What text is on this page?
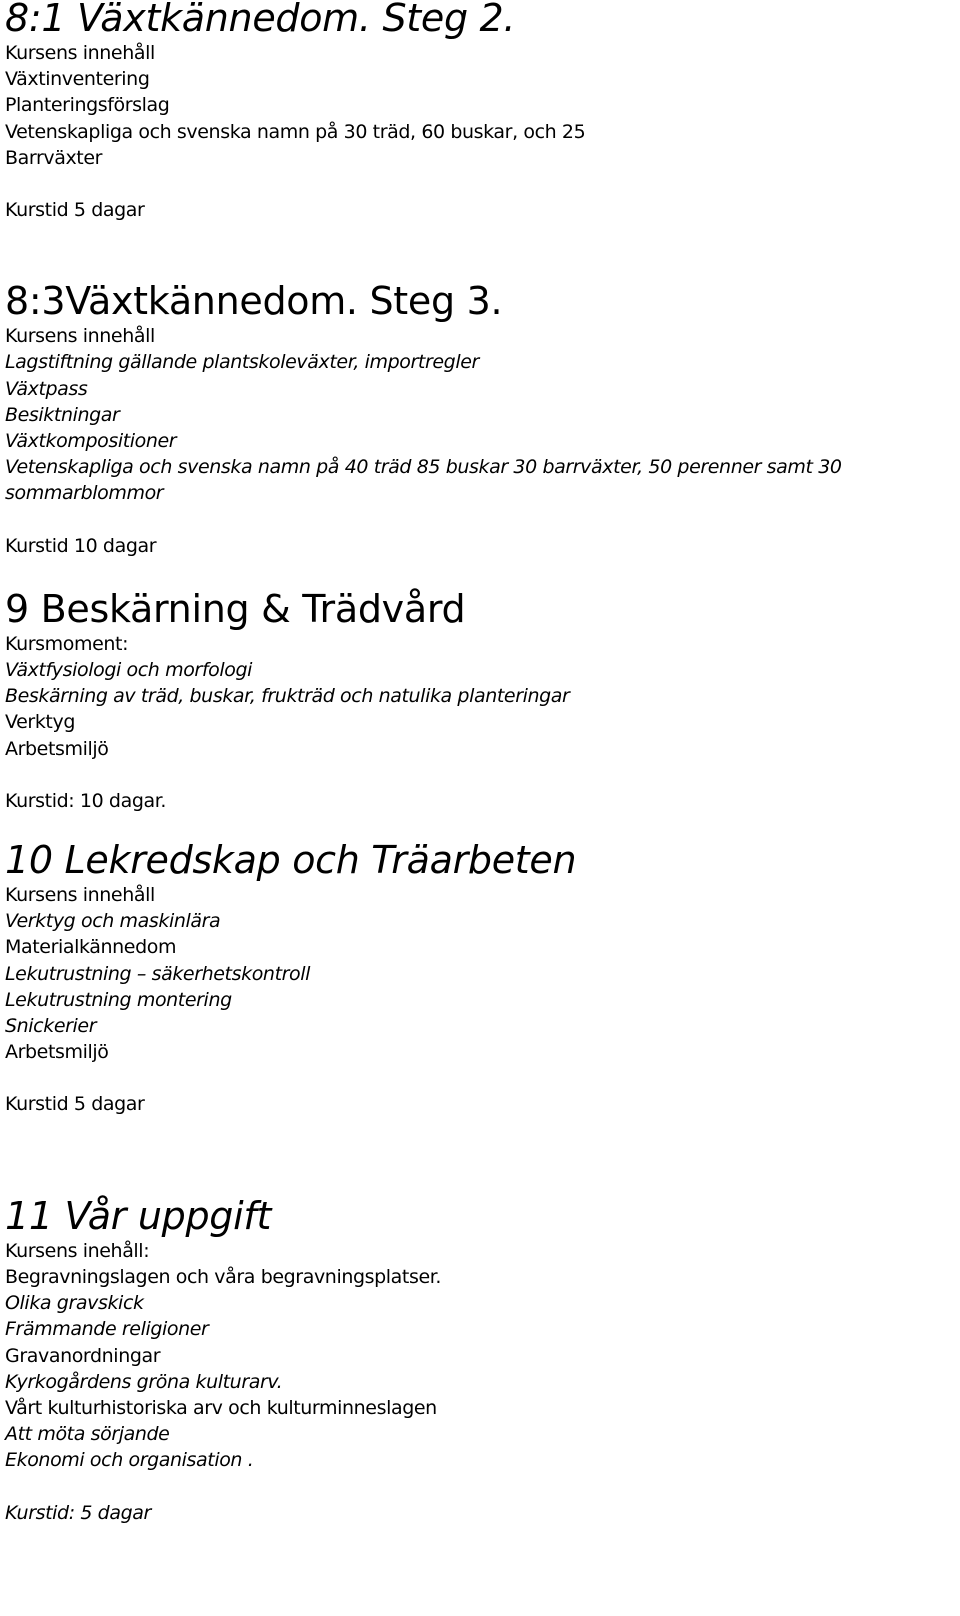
8:1 Växtkännedom. Steg 2.

Kursens innehåll

Växtinventering

Planteringsförslag

Vetenskapliga och svenska namn på 30 träd, 60 buskar, och 25

Barrväxter

Kurstid 5 dagar

8:3Växtkännedom. Steg 3.

Kursens innehåll

Lagstiftning gällande plantskoleväxter, importregler

Växtpass

Besiktningar

Växtkompositioner

Vetenskapliga och svenska namn på 40 träd 85 buskar 30 barrväxter, 50 perenner samt 30

sommarblommor

Kurstid 10 dagar

9 Beskärning & Trädvård

Kursmoment:

Växtfysiologi och morfologi

Beskärning av träd, buskar, frukträd och natulika planteringar

Verktyg

Arbetsmiljö

Kurstid: 10 dagar.

10 Lekredskap och Träarbeten

Kursens innehåll

Verktyg och maskinlära

Materialkännedom

Lekutrustning – säkerhetskontroll

Lekutrustning montering

Snickerier

Arbetsmiljö

Kurstid 5 dagar

11 Vår uppgift

Kursens inehåll:

Begravningslagen och våra begravningsplatser.

Olika gravskick

Främmande religioner

Gravanordningar

Kyrkogårdens gröna kulturarv.

Vårt kulturhistoriska arv och kulturminneslagen

Att möta sörjande

Ekonomi och organisation .

Kurstid: 5 dagar
